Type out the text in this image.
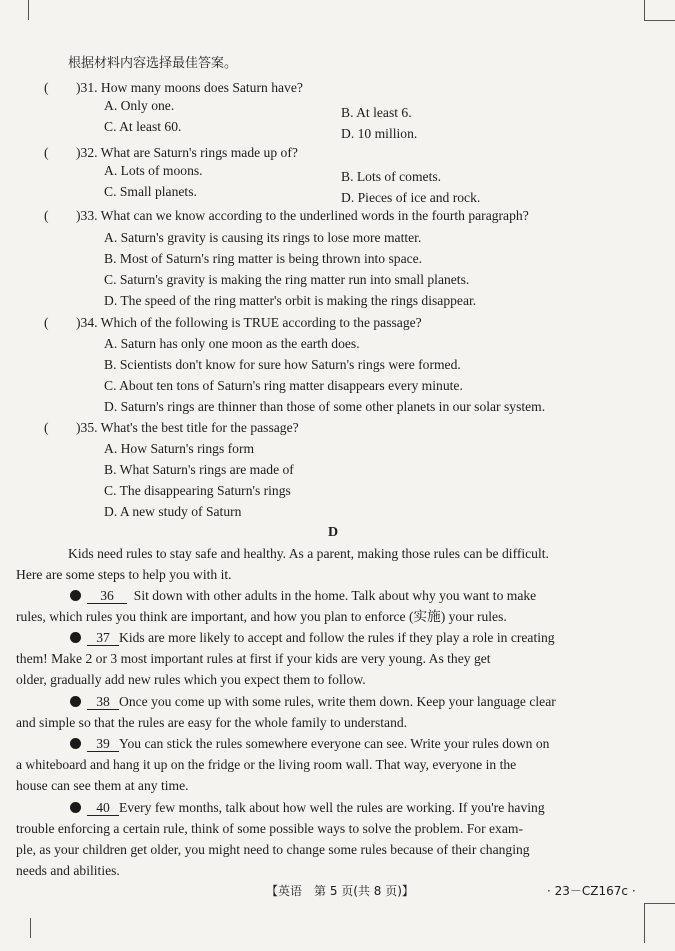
根据材料内容选择最佳答案。
( )31. How many moons does Saturn have?
A. Only one.	B. At least 6.
C. At least 60.	D. 10 million.
( )32. What are Saturn's rings made up of?
A. Lots of moons.	B. Lots of comets.
C. Small planets.	D. Pieces of ice and rock.
( )33. What can we know according to the underlined words in the fourth paragraph?
A. Saturn's gravity is causing its rings to lose more matter.
B. Most of Saturn's ring matter is being thrown into space.
C. Saturn's gravity is making the ring matter run into small planets.
D. The speed of the ring matter's orbit is making the rings disappear.
( )34. Which of the following is TRUE according to the passage?
A. Saturn has only one moon as the earth does.
B. Scientists don't know for sure how Saturn's rings were formed.
C. About ten tons of Saturn's ring matter disappears every minute.
D. Saturn's rings are thinner than those of some other planets in our solar system.
( )35. What's the best title for the passage?
A. How Saturn's rings form
B. What Saturn's rings are made of
C. The disappearing Saturn's rings
D. A new study of Saturn
D
Kids need rules to stay safe and healthy. As a parent, making those rules can be difficult.
Here are some steps to help you with it.
36 Sit down with other adults in the home. Talk about why you want to make
rules, which rules you think are important, and how you plan to enforce (实施) your rules.
37 Kids are more likely to accept and follow the rules if they play a role in creating
them! Make 2 or 3 most important rules at first if your kids are very young. As they get
older, gradually add new rules which you expect them to follow.
38 Once you come up with some rules, write them down. Keep your language clear
and simple so that the rules are easy for the whole family to understand.
39 You can stick the rules somewhere everyone can see. Write your rules down on
a whiteboard and hang it up on the fridge or the living room wall. That way, everyone in the
house can see them at any time.
40 Every few months, talk about how well the rules are working. If you're having
trouble enforcing a certain rule, think of some possible ways to solve the problem. For exam-
ple, as your children get older, you might need to change some rules because of their changing
needs and abilities.
【英语　第 5 页(共 8 页)】	· 23－CZ167c ·
